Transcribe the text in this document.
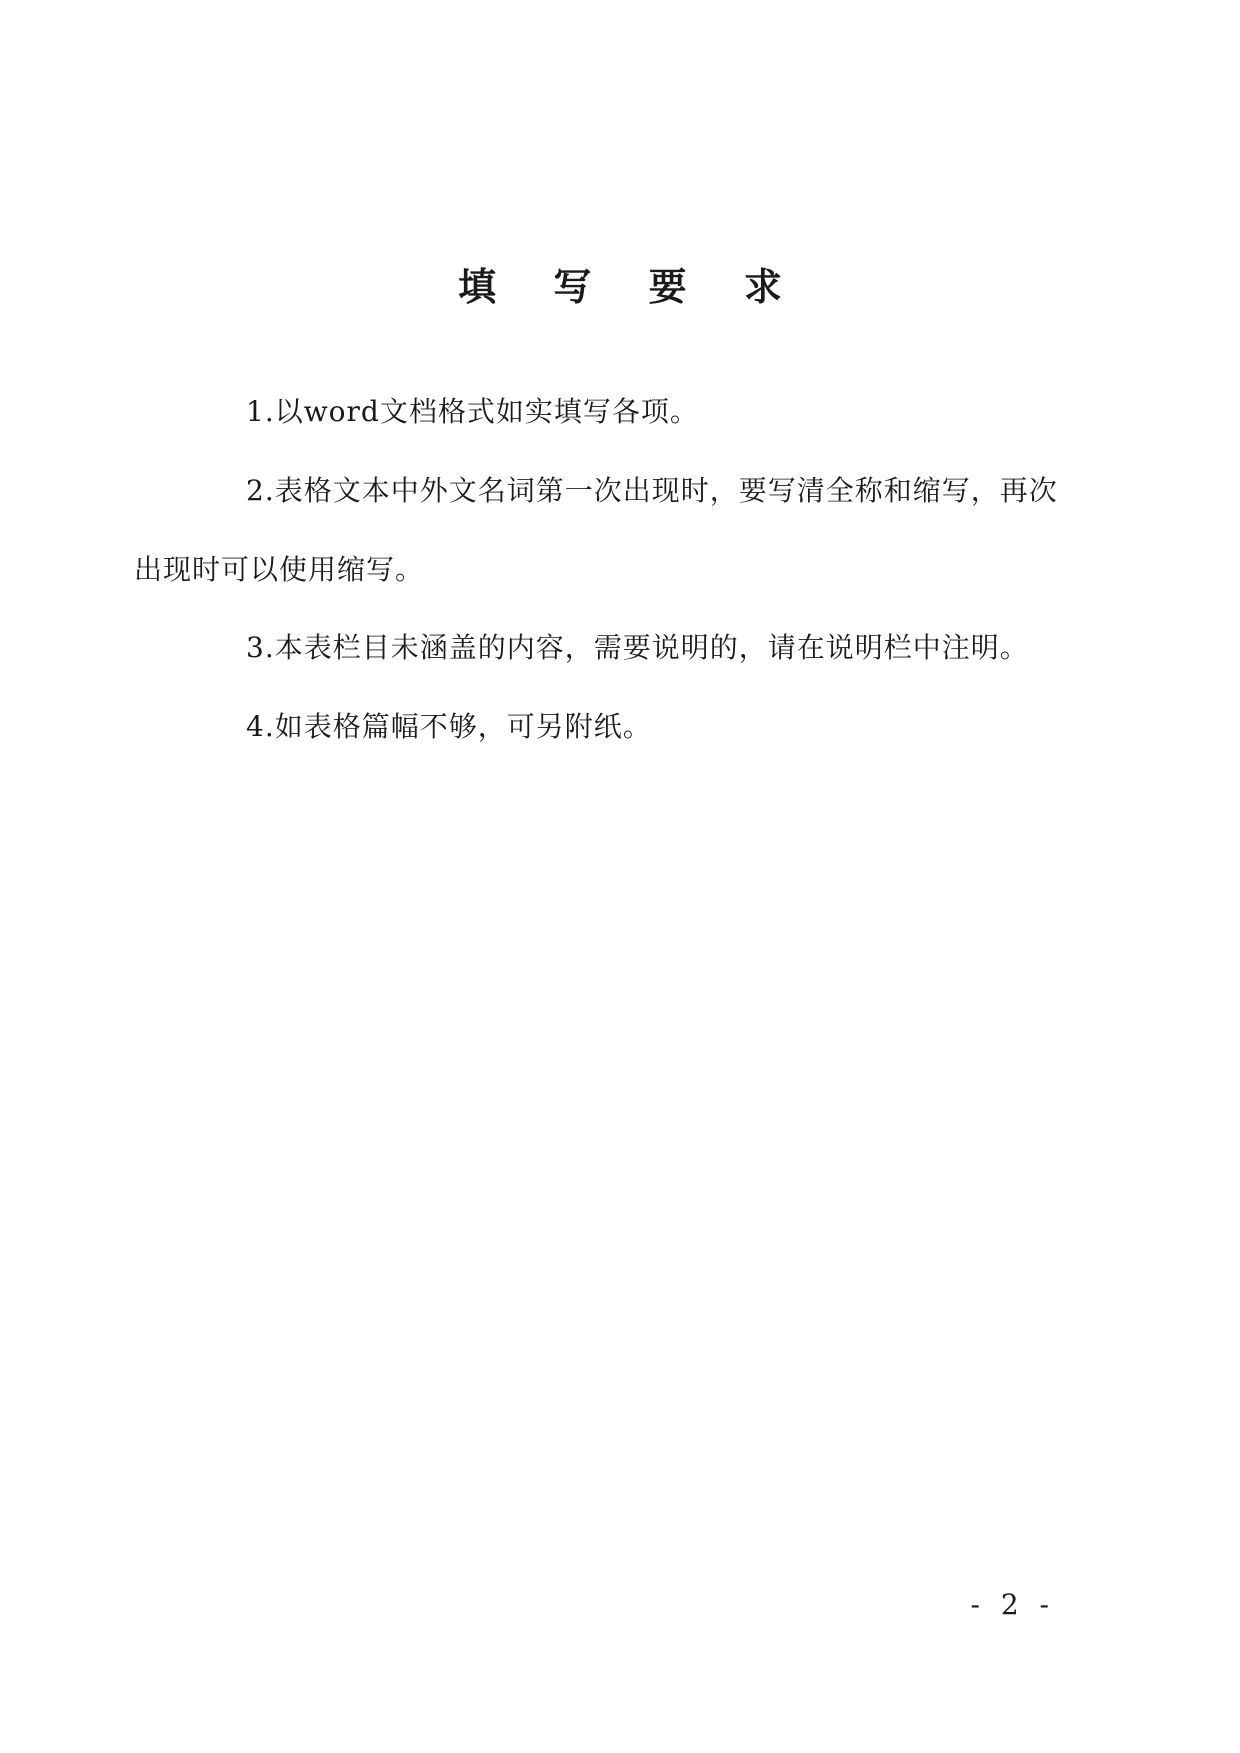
填 写 要 求

1.以word文档格式如实填写各项。

2.表格文本中外文名词第一次出现时，要写清全称和缩写，再次
出现时可以使用缩写。

3.本表栏目未涵盖的内容，需要说明的，请在说明栏中注明。

4.如表格篇幅不够，可另附纸。

- 2 -
